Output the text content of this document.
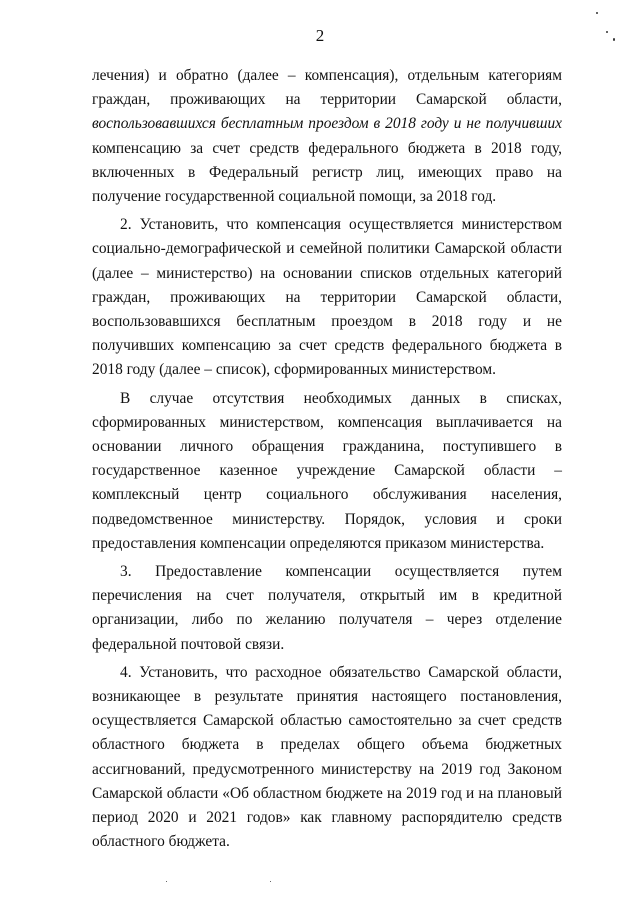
2

лечения) и обратно (далее – компенсация), отдельным категориям граждан, проживающих на территории Самарской области, воспользовавшихся бесплатным проездом в 2018 году и не получивших компенсацию за счет средств федерального бюджета в 2018 году, включенных в Федеральный регистр лиц, имеющих право на получение государственной социальной помощи, за 2018 год.

2. Установить, что компенсация осуществляется министерством социально-демографической и семейной политики Самарской области (далее – министерство) на основании списков отдельных категорий граждан, проживающих на территории Самарской области, воспользовавшихся бесплатным проездом в 2018 году и не получивших компенсацию за счет средств федерального бюджета в 2018 году (далее – список), сформированных министерством.

В случае отсутствия необходимых данных в списках, сформированных министерством, компенсация выплачивается на основании личного обращения гражданина, поступившего в государственное казенное учреждение Самарской области – комплексный центр социального обслуживания населения, подведомственное министерству. Порядок, условия и сроки предоставления компенсации определяются приказом министерства.

3. Предоставление компенсации осуществляется путем перечисления на счет получателя, открытый им в кредитной организации, либо по желанию получателя – через отделение федеральной почтовой связи.

4. Установить, что расходное обязательство Самарской области, возникающее в результате принятия настоящего постановления, осуществляется Самарской областью самостоятельно за счет средств областного бюджета в пределах общего объема бюджетных ассигнований, предусмотренного министерству на 2019 год Законом Самарской области «Об областном бюджете на 2019 год и на плановый период 2020 и 2021 годов» как главному распорядителю средств областного бюджета.
